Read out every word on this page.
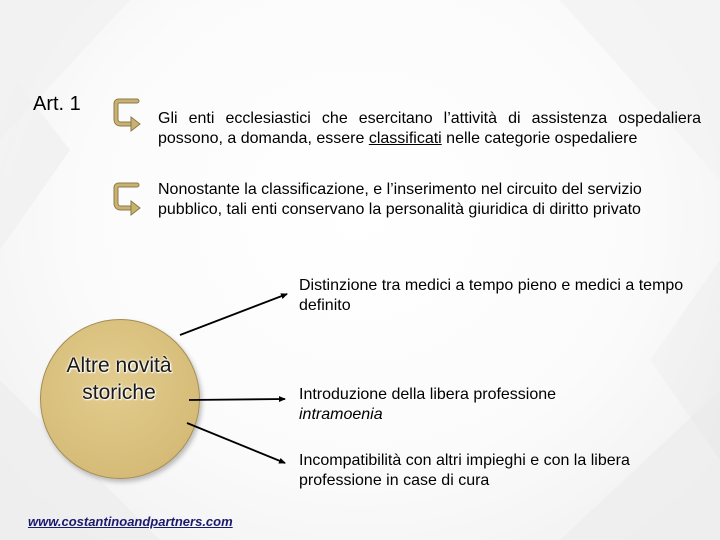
Art. 1
Gli enti ecclesiastici che esercitano l’attività di assistenza ospedaliera possono, a domanda, essere classificati nelle categorie ospedaliere
Nonostante la classificazione, e l’inserimento nel circuito del servizio pubblico, tali enti conservano la personalità giuridica di diritto privato
Altre novità
storiche
Distinzione tra medici a tempo pieno e medici a tempo definito
Introduzione della libera professione
intramoenia
Incompatibilità con altri impieghi e con la libera professione in case di cura
www.costantinoandpartners.com
